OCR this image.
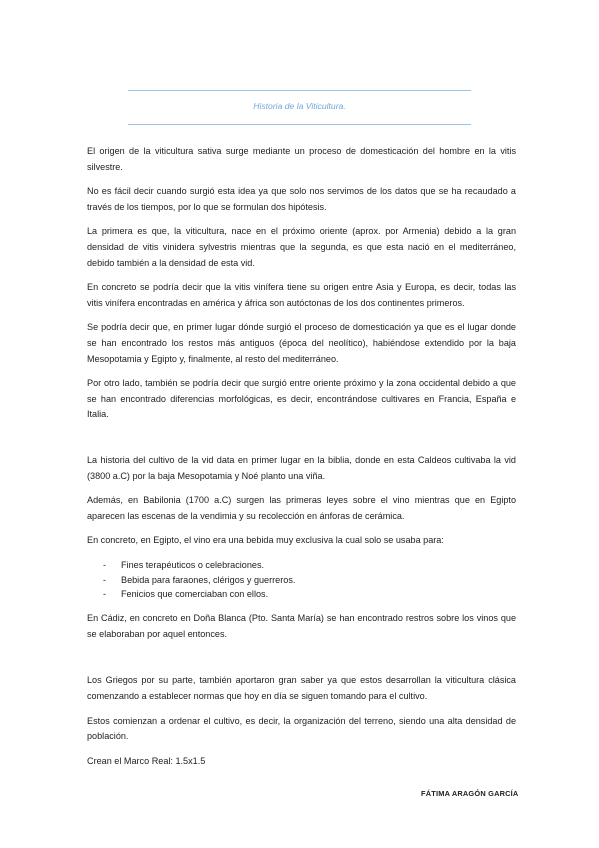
Historia de la Viticultura.

El origen de la viticultura sativa surge mediante un proceso de domesticación del hombre en la vitis silvestre.

No es fácil decir cuando surgió esta idea ya que solo nos servimos de los datos que se ha recaudado a través de los tiempos, por lo que se formulan dos hipótesis.

La primera es que, la viticultura, nace en el próximo oriente (aprox. por Armenia) debido a la gran densidad de vitis vinidera sylvestris mientras que la segunda, es que esta nació en el mediterráneo, debido también a la densidad de esta vid.

En concreto se podría decir que la vitis vinífera tiene su origen entre Asia y Europa, es decir, todas las vitis vinífera encontradas en américa y áfrica son autóctonas de los dos continentes primeros.

Se podría decir que, en primer lugar dónde surgió el proceso de domesticación ya que es el lugar donde se han encontrado los restos más antiguos (época del neolítico), habiéndose extendido por la baja Mesopotamia y Egipto y, finalmente, al resto del mediterráneo.

Por otro lado, también se podría decir que surgió entre oriente próximo y la zona occidental debido a que se han encontrado diferencias morfológicas, es decir, encontrándose cultivares en Francia, España e Italia.

La historia del cultivo de la vid data en primer lugar en la biblia, donde en esta Caldeos cultivaba la vid (3800 a.C) por la baja Mesopotamia y Noé planto una viña.

Además, en Babilonia (1700 a.C) surgen las primeras leyes sobre el vino mientras que en Egipto aparecen las escenas de la vendimia y su recolección en ánforas de cerámica.

En concreto, en Egipto, el vino era una bebida muy exclusiva la cual solo se usaba para:

- Fines terapéuticos o celebraciones.
- Bebida para faraones, clérigos y guerreros.
- Fenicios que comerciaban con ellos.

En Cádiz, en concreto en Doña Blanca (Pto. Santa María) se han encontrado restros sobre los vinos que se elaboraban por aquel entonces.

Los Griegos por su parte, también aportaron gran saber ya que estos desarrollan la viticultura clásica comenzando a establecer normas que hoy en día se siguen tomando para el cultivo.

Estos comienzan a ordenar el cultivo, es decir, la organización del terreno, siendo una alta densidad de población.

Crean el Marco Real: 1.5x1.5

FÁTIMA ARAGÓN GARCÍA
